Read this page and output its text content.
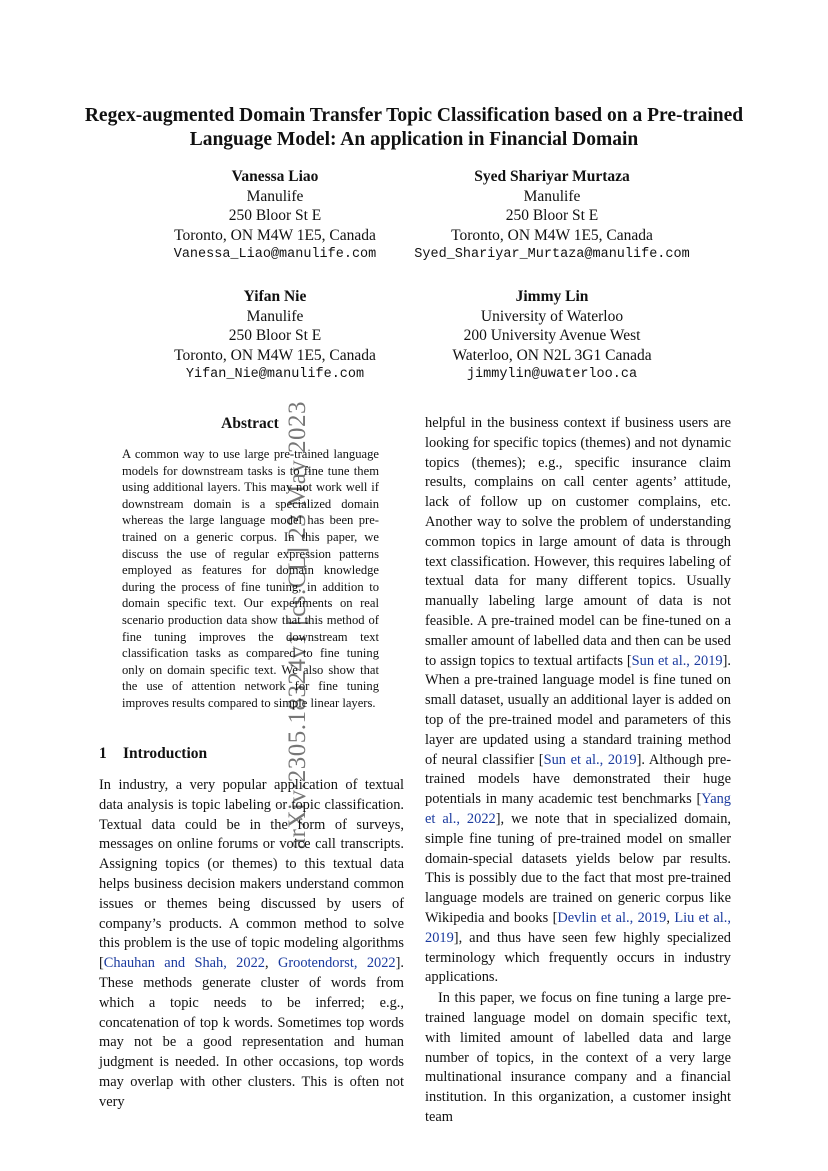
arXiv:2305.18324v1 [cs.CL] 23 May 2023
Regex-augmented Domain Transfer Topic Classification based on a Pre-trained Language Model: An application in Financial Domain
Vanessa Liao
Manulife
250 Bloor St E
Toronto, ON M4W 1E5, Canada
Vanessa_Liao@manulife.com
Syed Shariyar Murtaza
Manulife
250 Bloor St E
Toronto, ON M4W 1E5, Canada
Syed_Shariyar_Murtaza@manulife.com
Yifan Nie
Manulife
250 Bloor St E
Toronto, ON M4W 1E5, Canada
Yifan_Nie@manulife.com
Jimmy Lin
University of Waterloo
200 University Avenue West
Waterloo, ON N2L 3G1 Canada
jimmylin@uwaterloo.ca
Abstract

A common way to use large pre-trained language models for downstream tasks is to fine tune them using additional layers. This may not work well if downstream domain is a specialized domain whereas the large language model has been pre-trained on a generic corpus. In this paper, we discuss the use of regular expression patterns employed as features for domain knowledge during the process of fine tuning, in addition to domain specific text. Our experiments on real scenario production data show that this method of fine tuning improves the downstream text classification tasks as compared to fine tuning only on domain specific text. We also show that the use of attention network for fine tuning improves results compared to simple linear layers.

1 Introduction

In industry, a very popular application of textual data analysis is topic labeling or topic classification. Textual data could be in the form of surveys, messages on online forums or voice call transcripts. Assigning topics (or themes) to this textual data helps business decision makers understand common issues or themes being discussed by users of company’s products. A common method to solve this problem is the use of topic modeling algorithms [Chauhan and Shah, 2022, Grootendorst, 2022]. These methods generate cluster of words from which a topic needs to be inferred; e.g., concatenation of top k words. Sometimes top words may not be a good representation and human judgment is needed. In other occasions, top words may overlap with other clusters. This is often not very

helpful in the business context if business users are looking for specific topics (themes) and not dynamic topics (themes); e.g., specific insurance claim results, complains on call center agents’ attitude, lack of follow up on customer complains, etc. Another way to solve the problem of understanding common topics in large amount of data is through text classification. However, this requires labeling of textual data for many different topics. Usually manually labeling large amount of data is not feasible. A pre-trained model can be fine-tuned on a smaller amount of labelled data and then can be used to assign topics to textual artifacts [Sun et al., 2019]. When a pre-trained language model is fine tuned on small dataset, usually an additional layer is added on top of the pre-trained model and parameters of this layer are updated using a standard training method of neural classifier [Sun et al., 2019]. Although pre-trained models have demonstrated their huge potentials in many academic test benchmarks [Yang et al., 2022], we note that in specialized domain, simple fine tuning of pre-trained model on smaller domain-special datasets yields below par results. This is possibly due to the fact that most pre-trained language models are trained on generic corpus like Wikipedia and books [Devlin et al., 2019, Liu et al., 2019], and thus have seen few highly specialized terminology which frequently occurs in industry applications.

In this paper, we focus on fine tuning a large pre-trained language model on domain specific text, with limited amount of labelled data and large number of topics, in the context of a very large multinational insurance company and a financial institution. In this organization, a customer insight team
